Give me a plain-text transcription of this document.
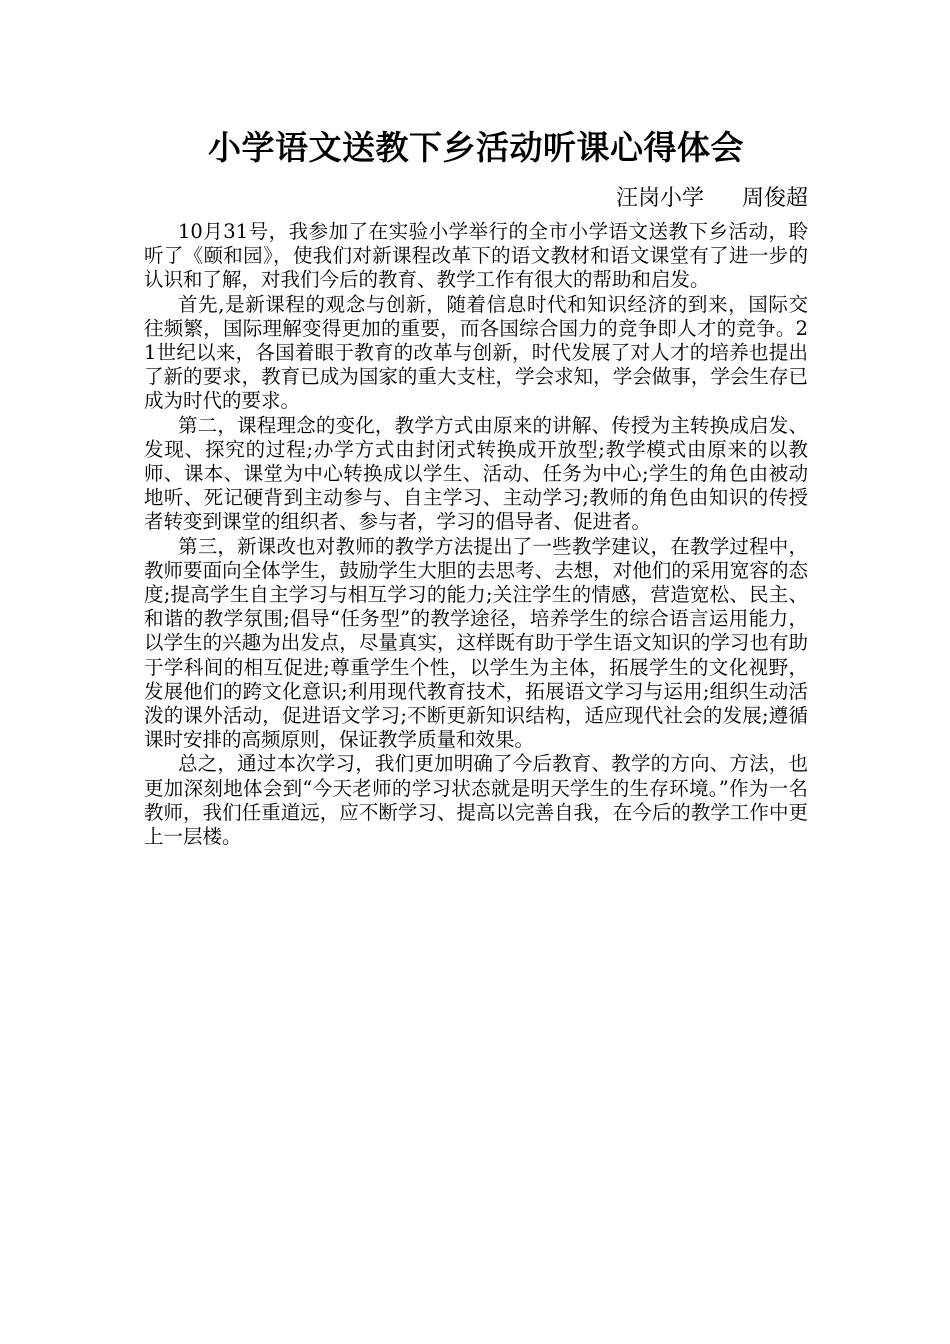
小学语文送教下乡活动听课心得体会
汪岗小学 周俊超

10月31号，我参加了在实验小学举行的全市小学语文送教下乡活动，聆听了《颐和园》，使我们对新课程改革下的语文教材和语文课堂有了进一步的认识和了解，对我们今后的教育、教学工作有很大的帮助和启发。

首先,是新课程的观念与创新，随着信息时代和知识经济的到来，国际交往频繁，国际理解变得更加的重要，而各国综合国力的竞争即人才的竞争。21世纪以来，各国着眼于教育的改革与创新，时代发展了对人才的培养也提出了新的要求，教育已成为国家的重大支柱，学会求知，学会做事，学会生存已成为时代的要求。

第二，课程理念的变化，教学方式由原来的讲解、传授为主转换成启发、发现、探究的过程;办学方式由封闭式转换成开放型;教学模式由原来的以教师、课本、课堂为中心转换成以学生、活动、任务为中心;学生的角色由被动地听、死记硬背到主动参与、自主学习、主动学习;教师的角色由知识的传授者转变到课堂的组织者、参与者，学习的倡导者、促进者。

第三，新课改也对教师的教学方法提出了一些教学建议，在教学过程中，教师要面向全体学生，鼓励学生大胆的去思考、去想，对他们的采用宽容的态度;提高学生自主学习与相互学习的能力;关注学生的情感，营造宽松、民主、和谐的教学氛围;倡导“任务型”的教学途径，培养学生的综合语言运用能力，以学生的兴趣为出发点，尽量真实，这样既有助于学生语文知识的学习也有助于学科间的相互促进;尊重学生个性，以学生为主体，拓展学生的文化视野，发展他们的跨文化意识;利用现代教育技术，拓展语文学习与运用;组织生动活泼的课外活动，促进语文学习;不断更新知识结构，适应现代社会的发展;遵循课时安排的高频原则，保证教学质量和效果。

总之，通过本次学习，我们更加明确了今后教育、教学的方向、方法，也更加深刻地体会到“今天老师的学习状态就是明天学生的生存环境。”作为一名教师，我们任重道远，应不断学习、提高以完善自我，在今后的教学工作中更上一层楼。
